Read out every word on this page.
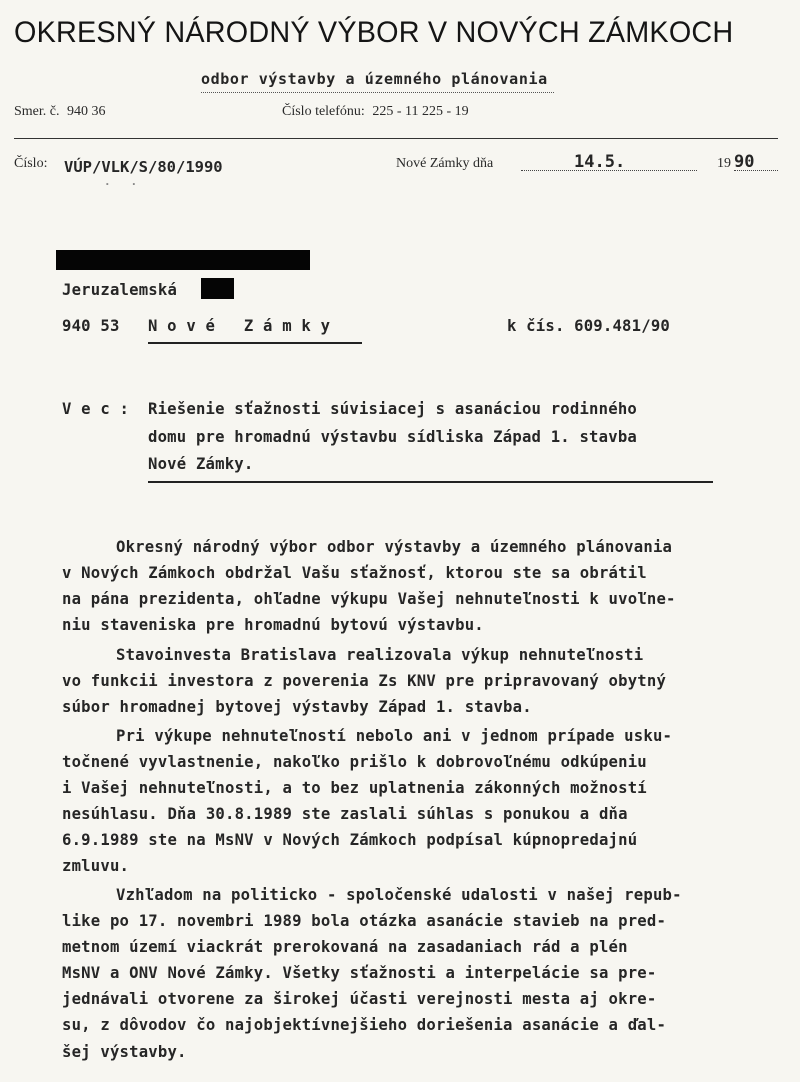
OKRESNÝ NÁRODNÝ VÝBOR V NOVÝCH ZÁMKOCH
odbor výstavby a územného plánovania
Smer. č. 940 36	Číslo telefónu: 225 - 11 225 - 19
Číslo: VÚP/VLK/S/80/1990
·   ·
Nové Zámky dňa	14.5.	19 90
Jeruzalemská
940 53 N o v é   Z á m k y	k čís. 609.481/90
V e c : Riešenie sťažnosti súvisiacej s asanáciou rodinného
domu pre hromadnú výstavbu sídliska Západ 1. stavba
Nové Zámky.
Okresný národný výbor odbor výstavby a územného plánovania
v Nových Zámkoch obdržal Vašu sťažnosť, ktorou ste sa obrátil
na pána prezidenta, ohľadne výkupu Vašej nehnuteľnosti k uvoľne-
niu staveniska pre hromadnú bytovú výstavbu.
Stavoinvesta Bratislava realizovala výkup nehnuteľnosti
vo funkcii investora z poverenia Zs KNV pre pripravovaný obytný
súbor hromadnej bytovej výstavby Západ 1. stavba.
Pri výkupe nehnuteľností nebolo ani v jednom prípade usku-
točnené vyvlastnenie, nakoľko prišlo k dobrovoľnému odkúpeniu
i Vašej nehnuteľnosti, a to bez uplatnenia zákonných možností
nesúhlasu. Dňa 30.8.1989 ste zaslali súhlas s ponukou a dňa
6.9.1989 ste na MsNV v Nových Zámkoch podpísal kúpnopredajnú
zmluvu.
Vzhľadom na politicko - spoločenské udalosti v našej repub-
like po 17. novembri 1989 bola otázka asanácie stavieb na pred-
metnom území viackrát prerokovaná na zasadaniach rád a plén
MsNV a ONV Nové Zámky. Všetky sťažnosti a interpelácie sa pre-
jednávali otvorene za širokej účasti verejnosti mesta aj okre-
su, z dôvodov čo najobjektívnejšieho doriešenia asanácie a ďal-
šej výstavby.
